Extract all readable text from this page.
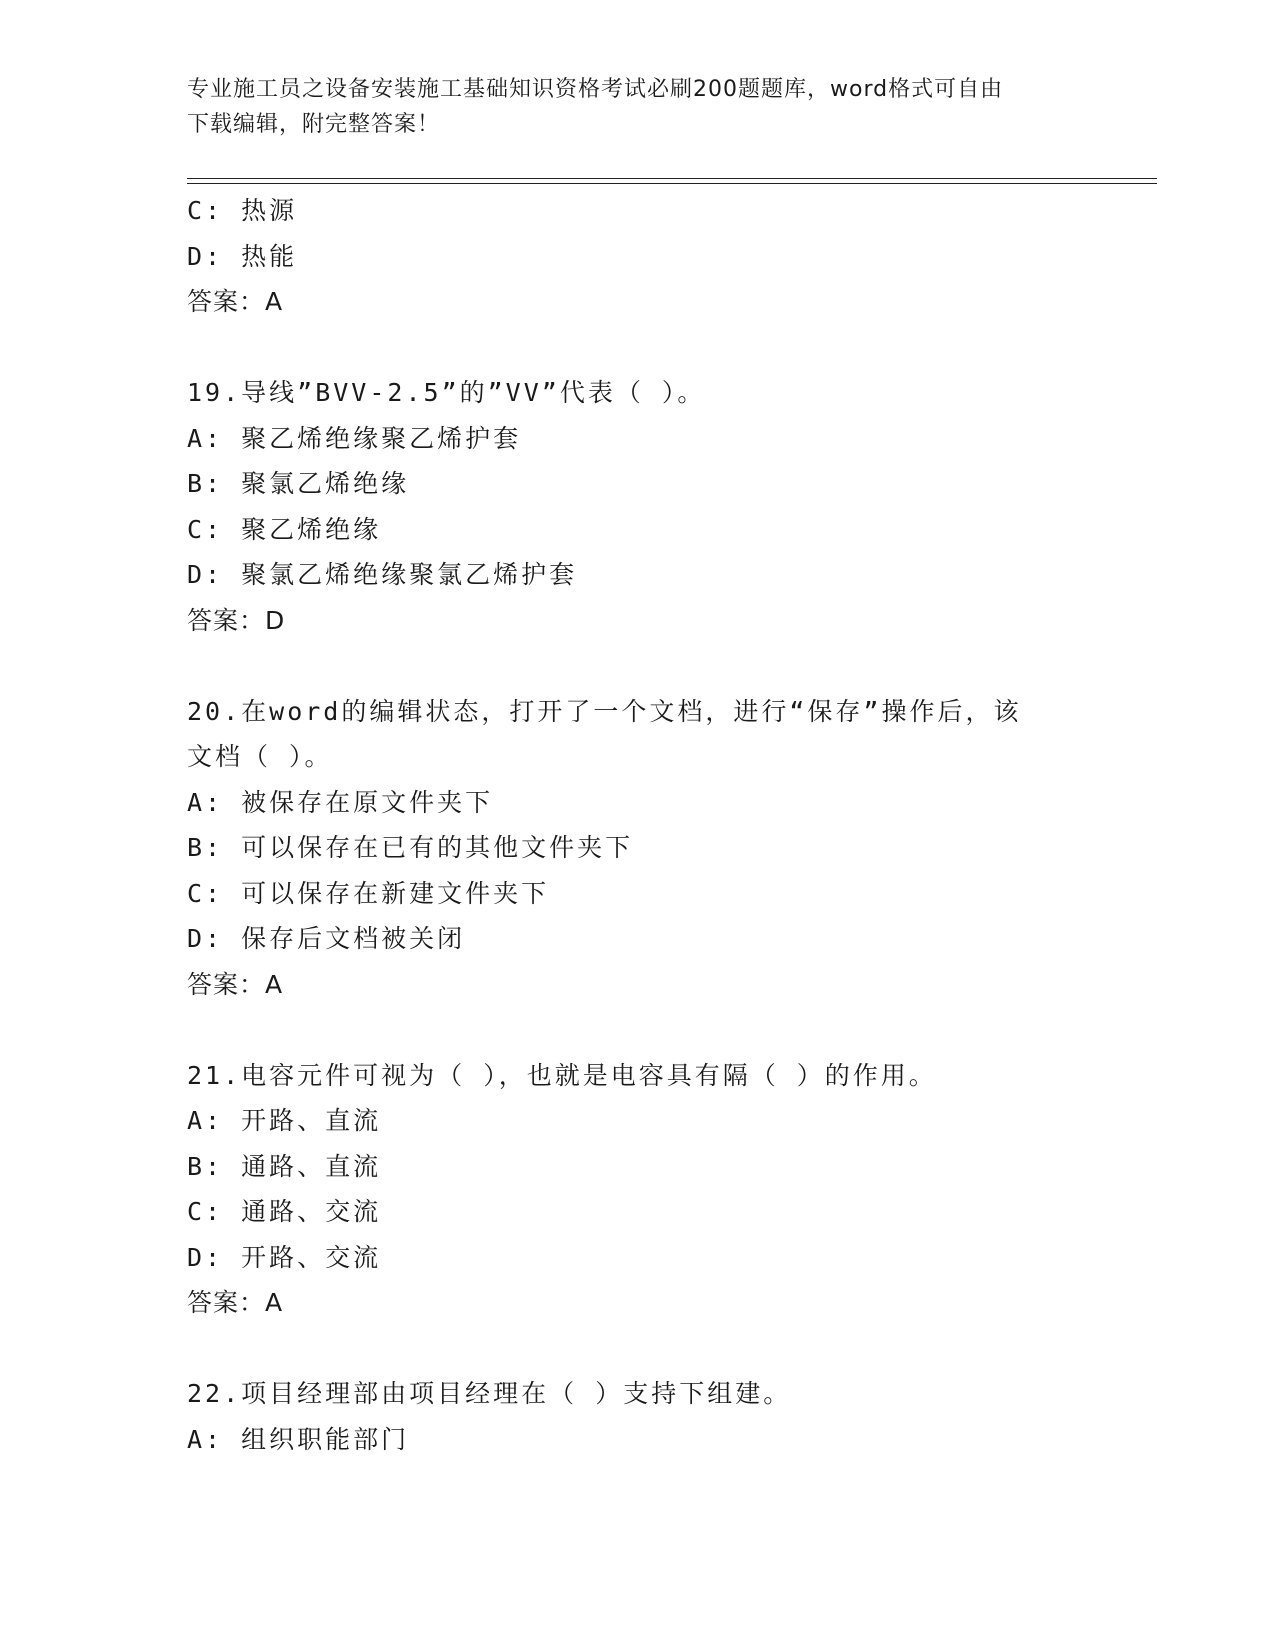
专业施工员之设备安装施工基础知识资格考试必刷200题题库，word格式可自由
下载编辑，附完整答案！
C: 热源
D: 热能
答案：A
19.导线”BVV-2.5”的”VV”代表（ ）。
A: 聚乙烯绝缘聚乙烯护套
B: 聚氯乙烯绝缘
C: 聚乙烯绝缘
D: 聚氯乙烯绝缘聚氯乙烯护套
答案：D
20.在word的编辑状态，打开了一个文档，进行“保存”操作后，该
文档（ ）。
A: 被保存在原文件夹下
B: 可以保存在已有的其他文件夹下
C: 可以保存在新建文件夹下
D: 保存后文档被关闭
答案：A
21.电容元件可视为（ ），也就是电容具有隔（ ）的作用。
A: 开路、直流
B: 通路、直流
C: 通路、交流
D: 开路、交流
答案：A
22.项目经理部由项目经理在（ ）支持下组建。
A: 组织职能部门
